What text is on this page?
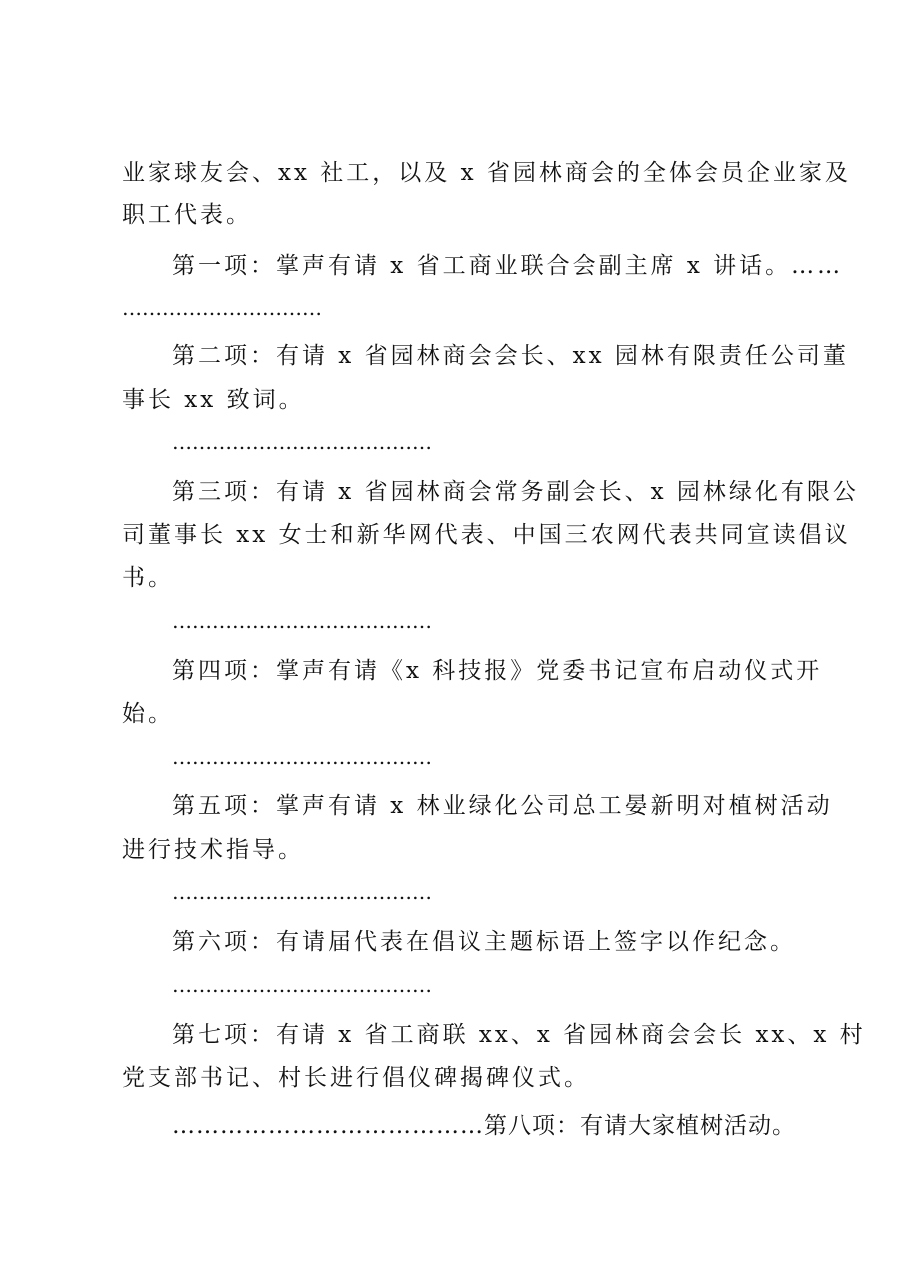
业家球友会、xx 社工，以及 x 省园林商会的全体会员企业家及
职工代表。
第一项：掌声有请 x 省工商业联合会副主席 x 讲话。……
…………………………
第二项：有请 x 省园林商会会长、xx 园林有限责任公司董
事长 xx 致词。
…………………………………
第三项：有请 x 省园林商会常务副会长、x 园林绿化有限公
司董事长 xx 女士和新华网代表、中国三农网代表共同宣读倡议
书。
…………………………………
第四项：掌声有请《x 科技报》党委书记宣布启动仪式开
始。
…………………………………
第五项：掌声有请 x 林业绿化公司总工晏新明对植树活动
进行技术指导。
…………………………………
第六项：有请届代表在倡议主题标语上签字以作纪念。
…………………………………
第七项：有请 x 省工商联 xx、x 省园林商会会长 xx、x 村
党支部书记、村长进行倡仪碑揭碑仪式。
…………………………………第八项：有请大家植树活动。
